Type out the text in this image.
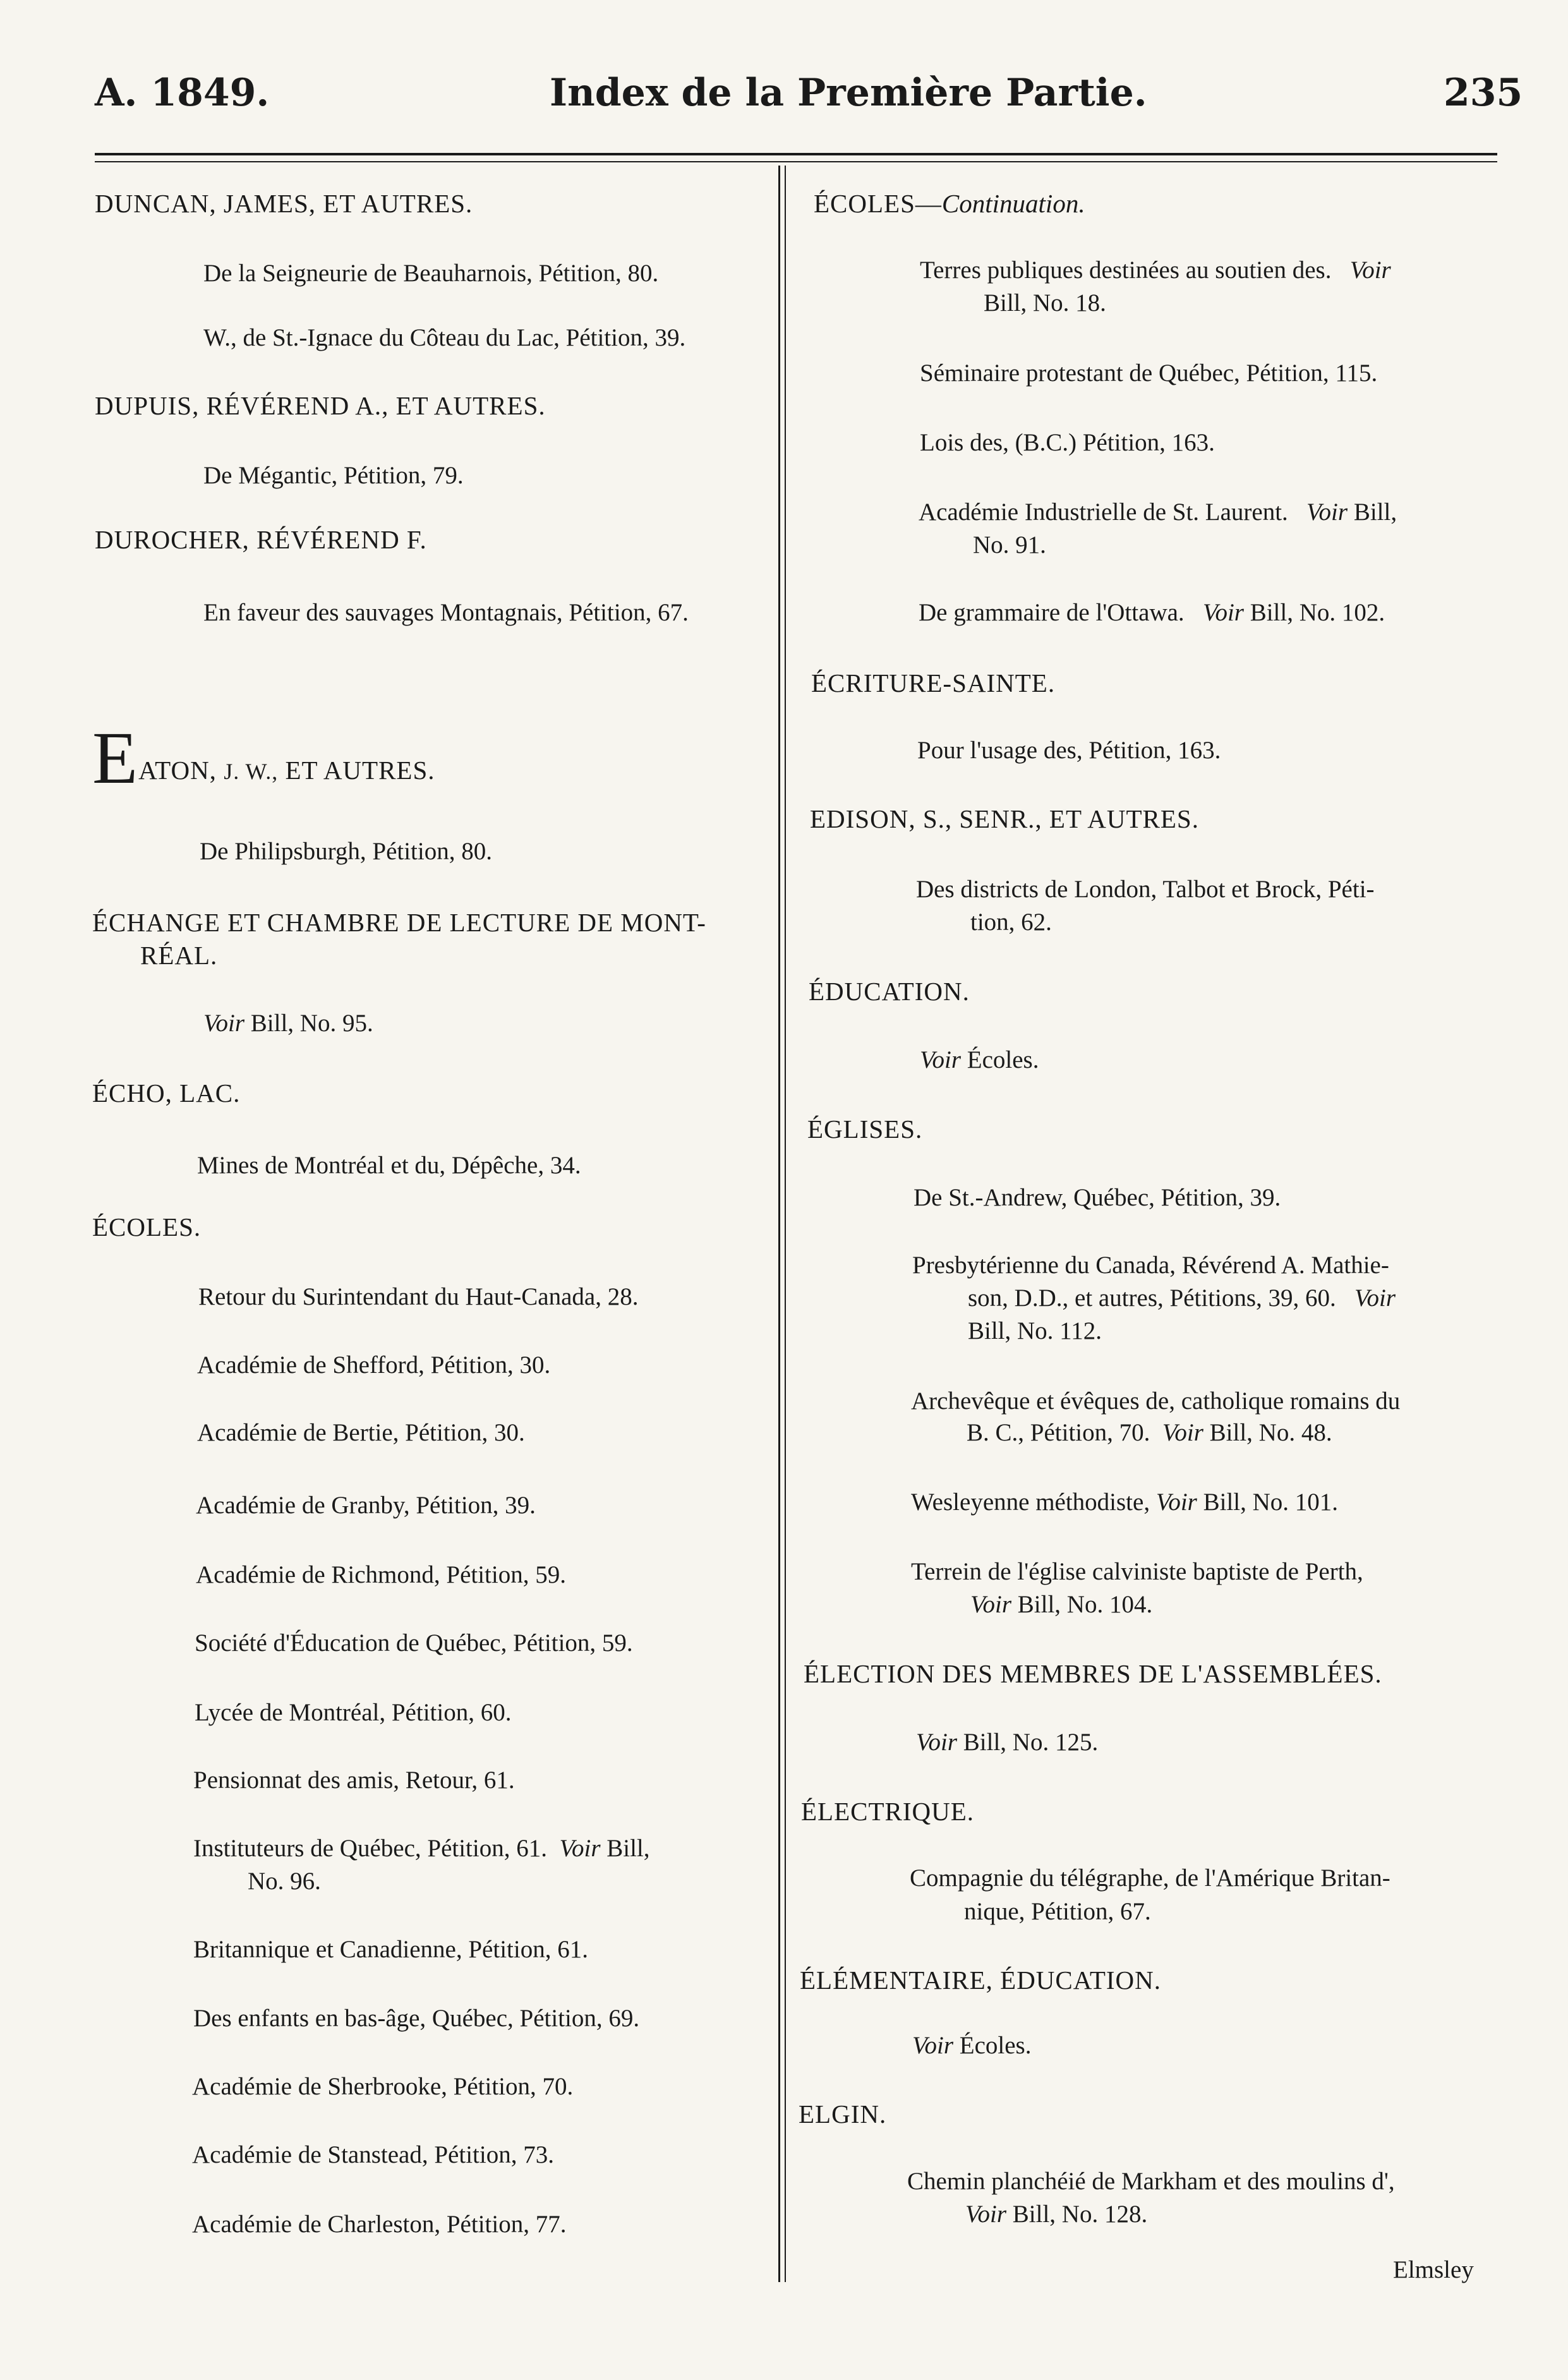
A. 1849.	Index de la Première Partie.	235
DUNCAN, JAMES, ET AUTRES.
De la Seigneurie de Beauharnois, Pétition, 80.
W., de St.-Ignace du Côteau du Lac, Pétition, 39.
DUPUIS, RÉVÉREND A., ET AUTRES.
De Mégantic, Pétition, 79.
DUROCHER, RÉVÉREND F.
En faveur des sauvages Montagnais, Pétition, 67.
EATON, J. W., ET AUTRES.
De Philipsburgh, Pétition, 80.
ÉCHANGE ET CHAMBRE DE LECTURE DE MONT-
RÉAL.
Voir Bill, No. 95.
ÉCHO, LAC.
Mines de Montréal et du, Dépêche, 34.
ÉCOLES.
Retour du Surintendant du Haut-Canada, 28.
Académie de Shefford, Pétition, 30.
Académie de Bertie, Pétition, 30.
Académie de Granby, Pétition, 39.
Académie de Richmond, Pétition, 59.
Société d'Éducation de Québec, Pétition, 59.
Lycée de Montréal, Pétition, 60.
Pensionnat des amis, Retour, 61.
Instituteurs de Québec, Pétition, 61. Voir Bill,
No. 96.
Britannique et Canadienne, Pétition, 61.
Des enfants en bas-âge, Québec, Pétition, 69.
Académie de Sherbrooke, Pétition, 70.
Académie de Stanstead, Pétition, 73.
Académie de Charleston, Pétition, 77.
ÉCOLES—Continuation.
Terres publiques destinées au soutien des. Voir
Bill, No. 18.
Séminaire protestant de Québec, Pétition, 115.
Lois des, (B.C.) Pétition, 163.
Académie Industrielle de St. Laurent. Voir Bill,
No. 91.
De grammaire de l'Ottawa. Voir Bill, No. 102.
ÉCRITURE-SAINTE.
Pour l'usage des, Pétition, 163.
EDISON, S., SENR., ET AUTRES.
Des districts de London, Talbot et Brock, Péti-
tion, 62.
ÉDUCATION.
Voir Écoles.
ÉGLISES.
De St.-Andrew, Québec, Pétition, 39.
Presbytérienne du Canada, Révérend A. Mathie-
son, D.D., et autres, Pétitions, 39, 60. Voir
Bill, No. 112.
Archevêque et évêques de, catholique romains du
B. C., Pétition, 70. Voir Bill, No. 48.
Wesleyenne méthodiste, Voir Bill, No. 101.
Terrein de l'église calviniste baptiste de Perth,
Voir Bill, No. 104.
ÉLECTION DES MEMBRES DE L'ASSEMBLÉES.
Voir Bill, No. 125.
ÉLECTRIQUE.
Compagnie du télégraphe, de l'Amérique Britan-
nique, Pétition, 67.
ÉLÉMENTAIRE, ÉDUCATION.
Voir Écoles.
ELGIN.
Chemin planchéié de Markham et des moulins d',
Voir Bill, No. 128.
Elmsley
